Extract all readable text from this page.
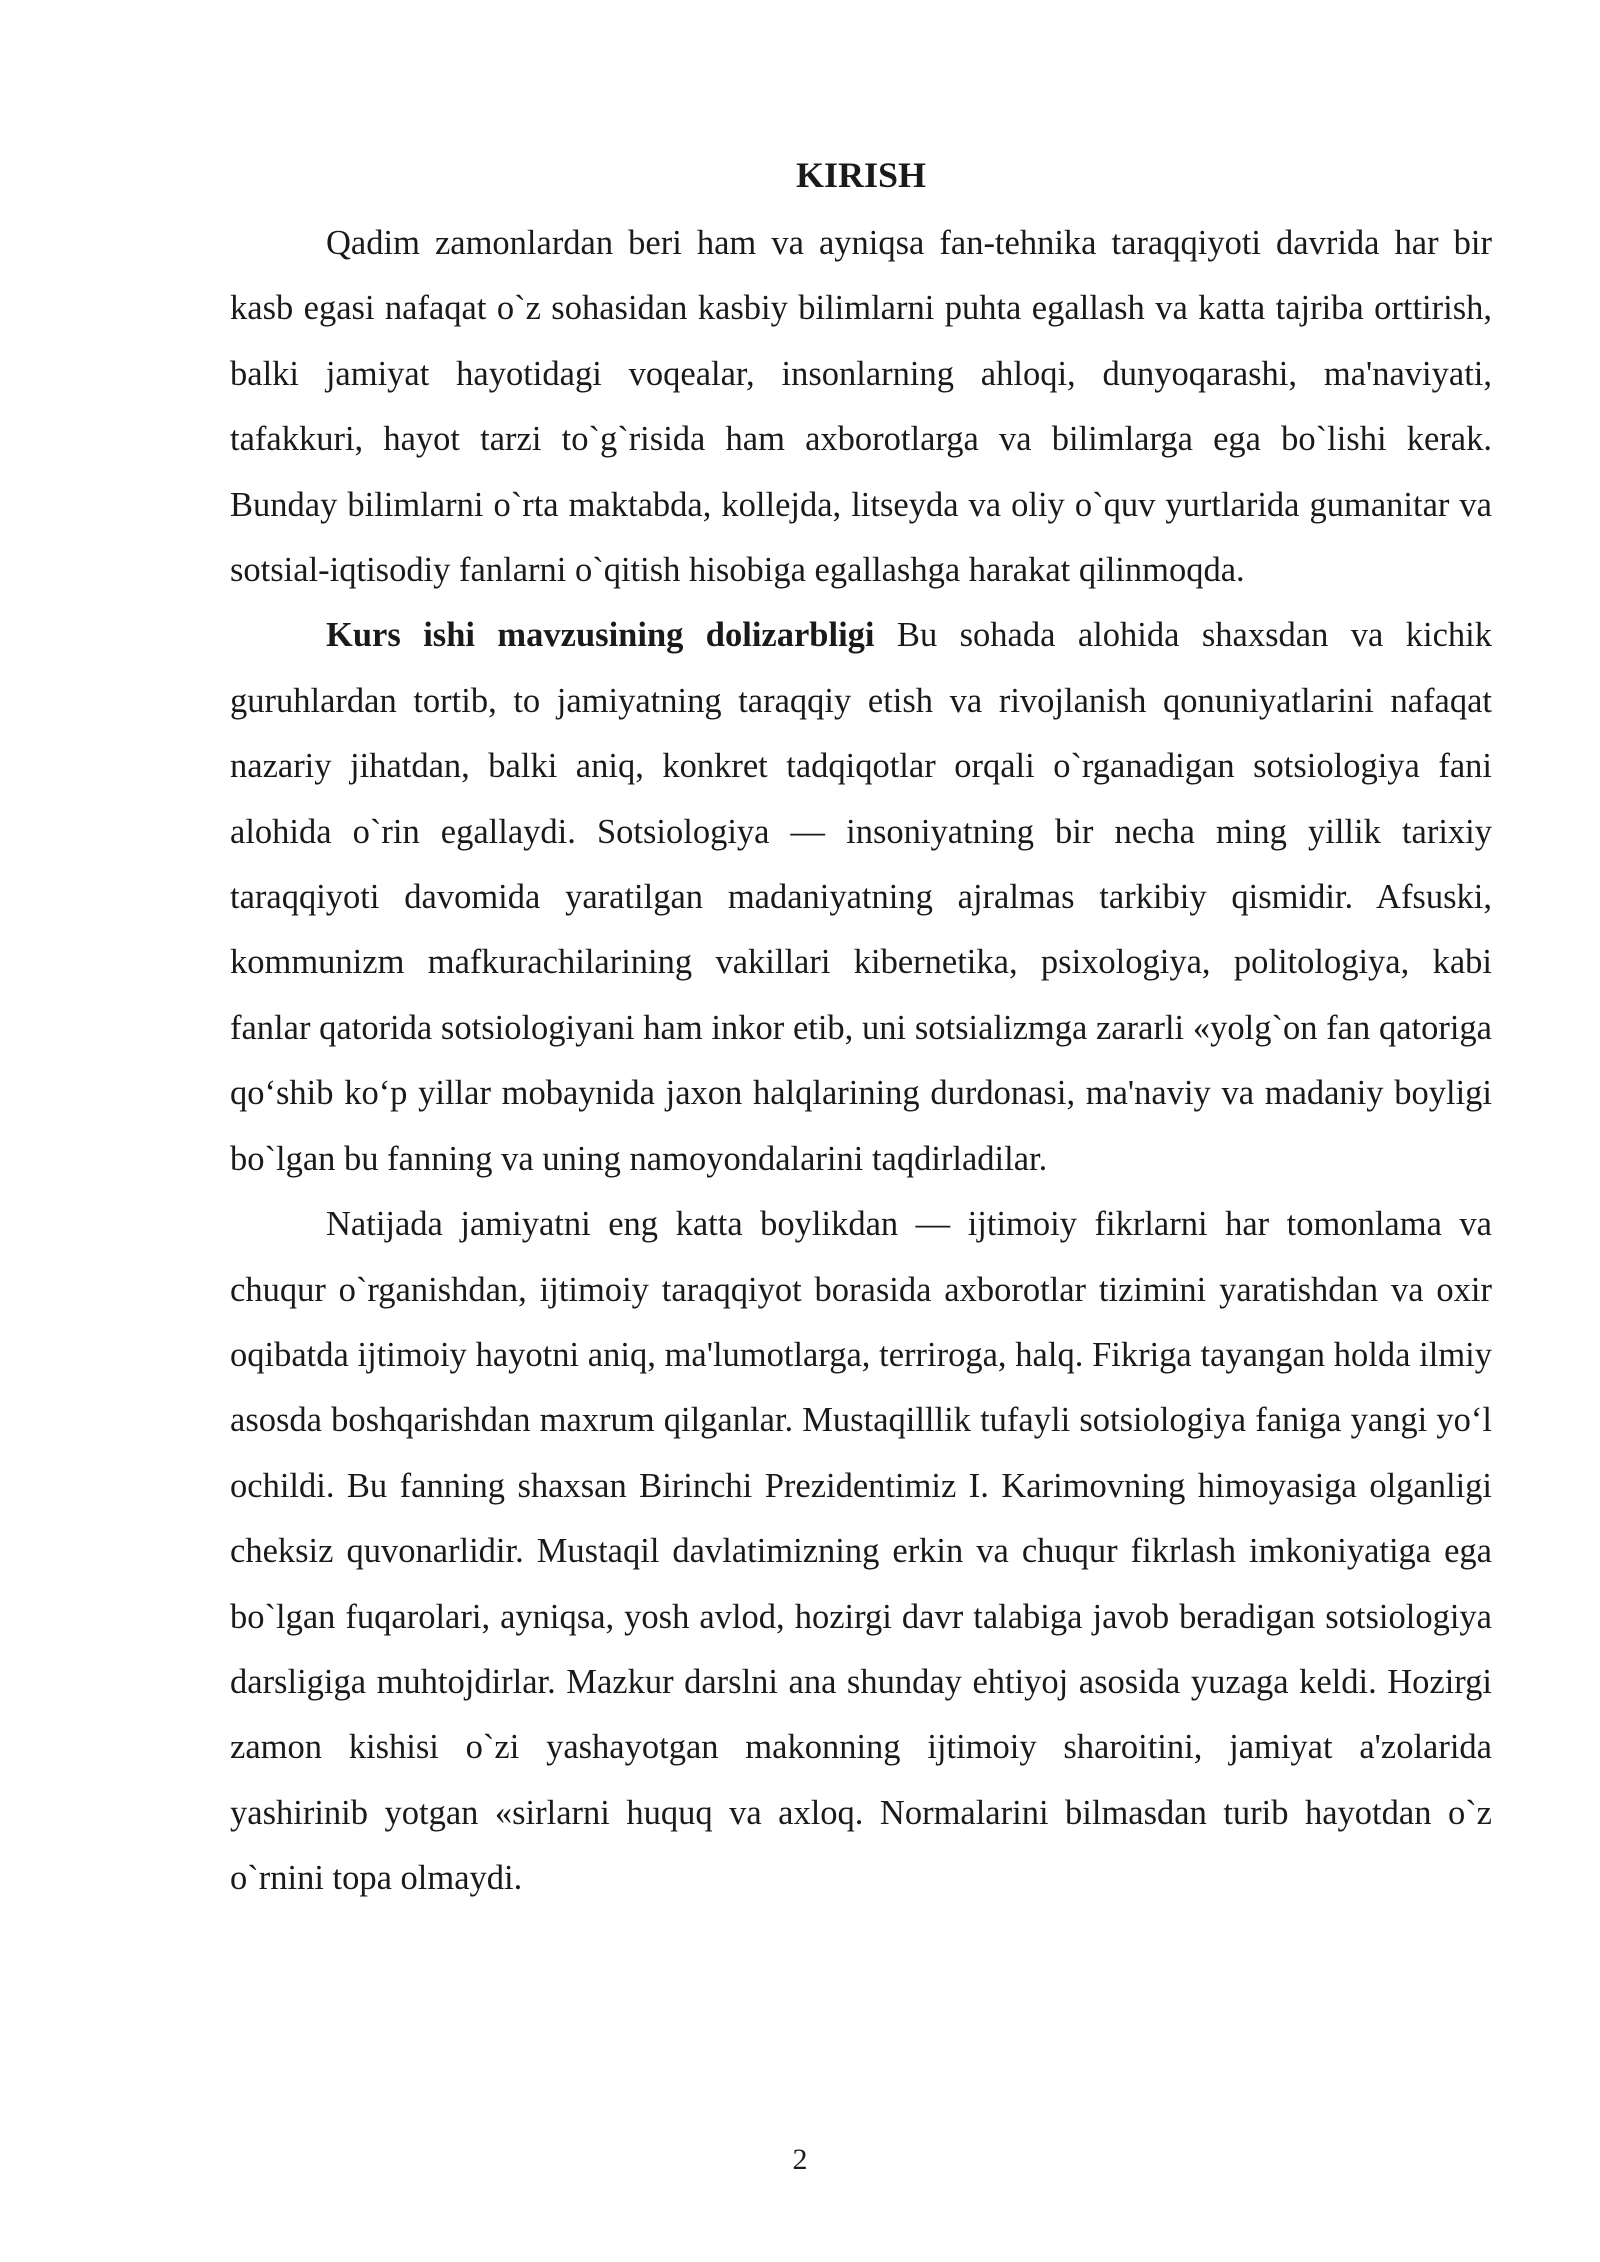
KIRISH

Qadim zamonlardan beri ham va ayniqsa fan-tehnika taraqqiyoti davrida har bir kasb egasi nafaqat o`z sohasidan kasbiy bilimlarni puhta egallash va katta tajriba orttirish, balki jamiyat hayotidagi voqealar, insonlarning ahloqi, dunyoqarashi, ma'naviyati, tafakkuri, hayot tarzi to`g`risida ham axborotlarga va bilimlarga ega bo`lishi kerak. Bunday bilimlarni o`rta maktabda, kollejda, litseyda va oliy o`quv yurtlarida gumanitar va sotsial-iqtisodiy fanlarni o`qitish hisobiga egallashga harakat qilinmoqda.

Kurs ishi mavzusining dolizarbligi Bu sohada alohida shaxsdan va kichik guruhlardan tortib, to jamiyatning taraqqiy etish va rivojlanish qonuniyatlarini nafaqat nazariy jihatdan, balki aniq, konkret tadqiqotlar orqali o`rganadigan sotsiologiya fani alohida o`rin egallaydi. Sotsiologiya — insoniyatning bir necha ming yillik tarixiy taraqqiyoti davomida yaratilgan madaniyatning ajralmas tarkibiy qismidir. Afsuski, kommunizm mafkurachilarining vakillari kibernetika, psixologiya, politologiya, kabi fanlar qatorida sotsiologiyani ham inkor etib, uni sotsializmga zararli «yolg`on fan qatoriga qo‘shib ko‘p yillar mobaynida jaxon halqlarining durdonasi, ma'naviy va madaniy boyligi bo`lgan bu fanning va uning namoyondalarini taqdirladilar.

Natijada jamiyatni eng katta boylikdan — ijtimoiy fikrlarni har tomonlama va chuqur o`rganishdan, ijtimoiy taraqqiyot borasida axborotlar tizimini yaratishdan va oxir oqibatda ijtimoiy hayotni aniq, ma'lumotlarga, terriroga, halq. Fikriga tayangan holda ilmiy asosda boshqarishdan maxrum qilganlar. Mustaqilllik tufayli sotsiologiya faniga yangi yo‘l ochildi. Bu fanning shaxsan Birinchi Prezidentimiz I. Karimovning himoyasiga olganligi cheksiz quvonarlidir. Mustaqil davlatimizning erkin va chuqur fikrlash imkoniyatiga ega bo`lgan fuqarolari, ayniqsa, yosh avlod, hozirgi davr talabiga javob beradigan sotsiologiya darsligiga muhtojdirlar. Mazkur darslni ana shunday ehtiyoj asosida yuzaga keldi. Hozirgi zamon kishisi o`zi yashayotgan makonning ijtimoiy sharoitini, jamiyat a'zolarida yashirinib yotgan «sirlarni huquq va axloq. Normalarini bilmasdan turib hayotdan o`z o`rnini topa olmaydi.

2
